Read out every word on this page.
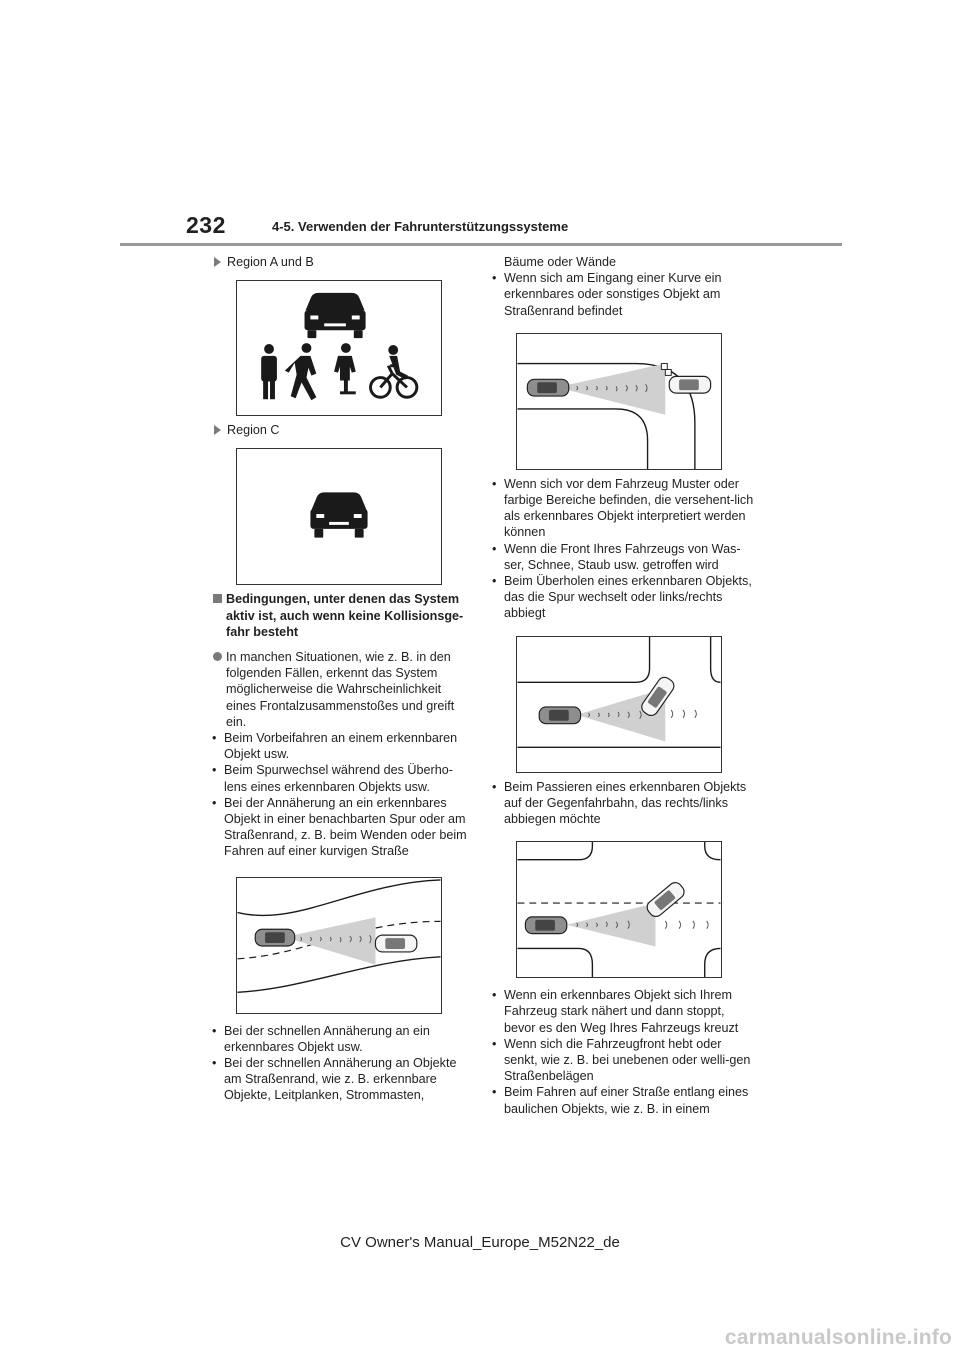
232	4-5. Verwenden der Fahrunterstützungssysteme

Region A und B

Region C

Bedingungen, unter denen das System aktiv ist, auch wenn keine Kollisionsge-fahr besteht

In manchen Situationen, wie z. B. in den folgenden Fällen, erkennt das System möglicherweise die Wahrscheinlichkeit eines Frontalzusammenstoßes und greift ein.

• Beim Vorbeifahren an einem erkennbaren Objekt usw.
• Beim Spurwechsel während des Überho-lens eines erkennbaren Objekts usw.
• Bei der Annäherung an ein erkennbares Objekt in einer benachbarten Spur oder am Straßenrand, z. B. beim Wenden oder beim Fahren auf einer kurvigen Straße
• Bei der schnellen Annäherung an ein erkennbares Objekt usw.
• Bei der schnellen Annäherung an Objekte am Straßenrand, wie z. B. erkennbare Objekte, Leitplanken, Strommasten,

Bäume oder Wände

• Wenn sich am Eingang einer Kurve ein erkennbares oder sonstiges Objekt am Straßenrand befindet
• Wenn sich vor dem Fahrzeug Muster oder farbige Bereiche befinden, die versehent-lich als erkennbares Objekt interpretiert werden können
• Wenn die Front Ihres Fahrzeugs von Was-ser, Schnee, Staub usw. getroffen wird
• Beim Überholen eines erkennbaren Objekts, das die Spur wechselt oder links/rechts abbiegt
• Beim Passieren eines erkennbaren Objekts auf der Gegenfahrbahn, das rechts/links abbiegen möchte
• Wenn ein erkennbares Objekt sich Ihrem Fahrzeug stark nähert und dann stoppt, bevor es den Weg Ihres Fahrzeugs kreuzt
• Wenn sich die Fahrzeugfront hebt oder senkt, wie z. B. bei unebenen oder welli-gen Straßenbelägen
• Beim Fahren auf einer Straße entlang eines baulichen Objekts, wie z. B. in einem
CV Owner's Manual_Europe_M52N22_de
carmanualsonline.info
